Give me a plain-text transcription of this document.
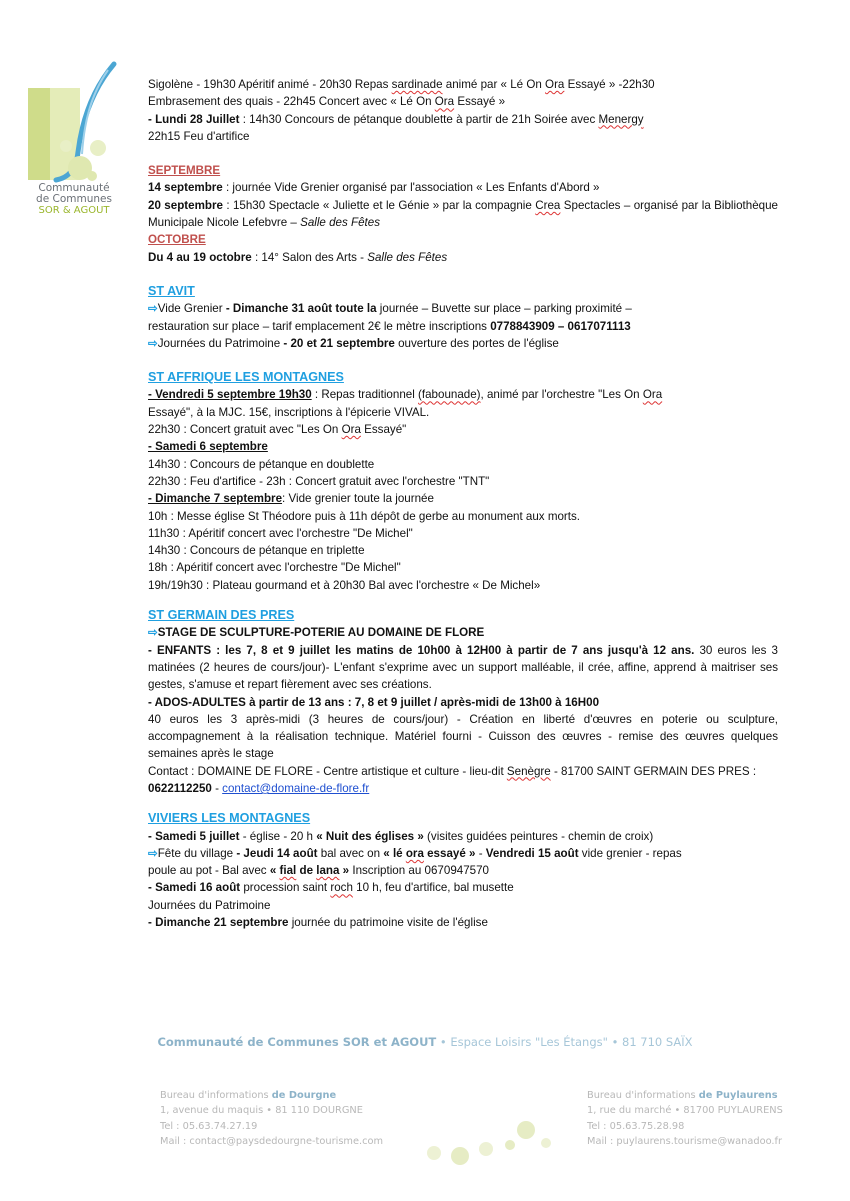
Communauté
de Communes
SOR & AGOUT

Sigolène - 19h30 Apéritif animé - 20h30 Repas sardinade animé par « Lé On Ora Essayé » -22h30

Embrasement des quais - 22h45 Concert avec « Lé On Ora Essayé »

- Lundi 28 Juillet : 14h30 Concours de pétanque doublette à partir de 21h Soirée avec Menergy

22h15 Feu d'artifice

SEPTEMBRE

14 septembre : journée Vide Grenier organisé par l'association « Les Enfants d'Abord »

20 septembre : 15h30 Spectacle « Juliette et le Génie » par la compagnie Crea Spectacles – organisé par la Bibliothèque Municipale Nicole Lefebvre – Salle des Fêtes

OCTOBRE

Du 4 au 19 octobre : 14° Salon des Arts - Salle des Fêtes

ST AVIT

⇨Vide Grenier - Dimanche 31 août toute la journée – Buvette sur place – parking proximité –

restauration sur place – tarif emplacement 2€ le mètre inscriptions 0778843909 – 0617071113

⇨Journées du Patrimoine - 20 et 21 septembre ouverture des portes de l'église

ST AFFRIQUE LES MONTAGNES

- Vendredi 5 septembre 19h30 : Repas traditionnel (fabounade), animé par l'orchestre "Les On Ora
Essayé", à la MJC. 15€, inscriptions à l'épicerie VIVAL.

22h30 : Concert gratuit avec "Les On Ora Essayé"

- Samedi 6 septembre

14h30 : Concours de pétanque en doublette

22h30 : Feu d'artifice - 23h : Concert gratuit avec l'orchestre "TNT"

- Dimanche 7 septembre: Vide grenier toute la journée

10h : Messe église St Théodore puis à 11h dépôt de gerbe au monument aux morts.

11h30 : Apéritif concert avec l'orchestre "De Michel"

14h30 : Concours de pétanque en triplette

18h : Apéritif concert avec l'orchestre "De Michel"

19h/19h30 : Plateau gourmand et à 20h30 Bal avec l'orchestre « De Michel»

ST GERMAIN DES PRES

⇨STAGE DE SCULPTURE-POTERIE AU DOMAINE DE FLORE

- ENFANTS : les 7, 8 et 9 juillet les matins de 10h00 à 12H00 à partir de 7 ans jusqu'à 12 ans. 30 euros les 3 matinées (2 heures de cours/jour)- L'enfant s'exprime avec un support malléable, il crée, affine, apprend à maitriser ses gestes, s'amuse et repart fièrement avec ses créations.

- ADOS-ADULTES à partir de 13 ans : 7, 8 et 9 juillet / après-midi de 13h00 à 16H00

40 euros les 3 après-midi (3 heures de cours/jour) - Création en liberté d'œuvres en poterie ou sculpture, accompagnement à la réalisation technique. Matériel fourni - Cuisson des œuvres - remise des œuvres quelques semaines après le stage

Contact : DOMAINE DE FLORE - Centre artistique et culture - lieu-dit Senègre - 81700 SAINT GERMAIN DES PRES : 0622112250 - contact@domaine-de-flore.fr

VIVIERS LES MONTAGNES

- Samedi 5 juillet - église - 20 h « Nuit des églises » (visites guidées peintures - chemin de croix)

⇨Fête du village - Jeudi 14 août bal avec on « lé ora essayé » - Vendredi 15 août vide grenier - repas

poule au pot - Bal avec « fial de lana » Inscription au 0670947570

- Samedi 16 août procession saint roch 10 h, feu d'artifice, bal musette

Journées du Patrimoine

- Dimanche 21 septembre journée du patrimoine visite de l'église

Communauté de Communes SOR et AGOUT • Espace Loisirs "Les Étangs" • 81 710 SAÏX
Bureau d'informations de Dourgne
1, avenue du maquis • 81 110 DOURGNE
Tel : 05.63.74.27.19
Mail : contact@paysdedourgne-tourisme.com
Bureau d'informations de Puylaurens
1, rue du marché • 81700 PUYLAURENS
Tel : 05.63.75.28.98
Mail : puylaurens.tourisme@wanadoo.fr
